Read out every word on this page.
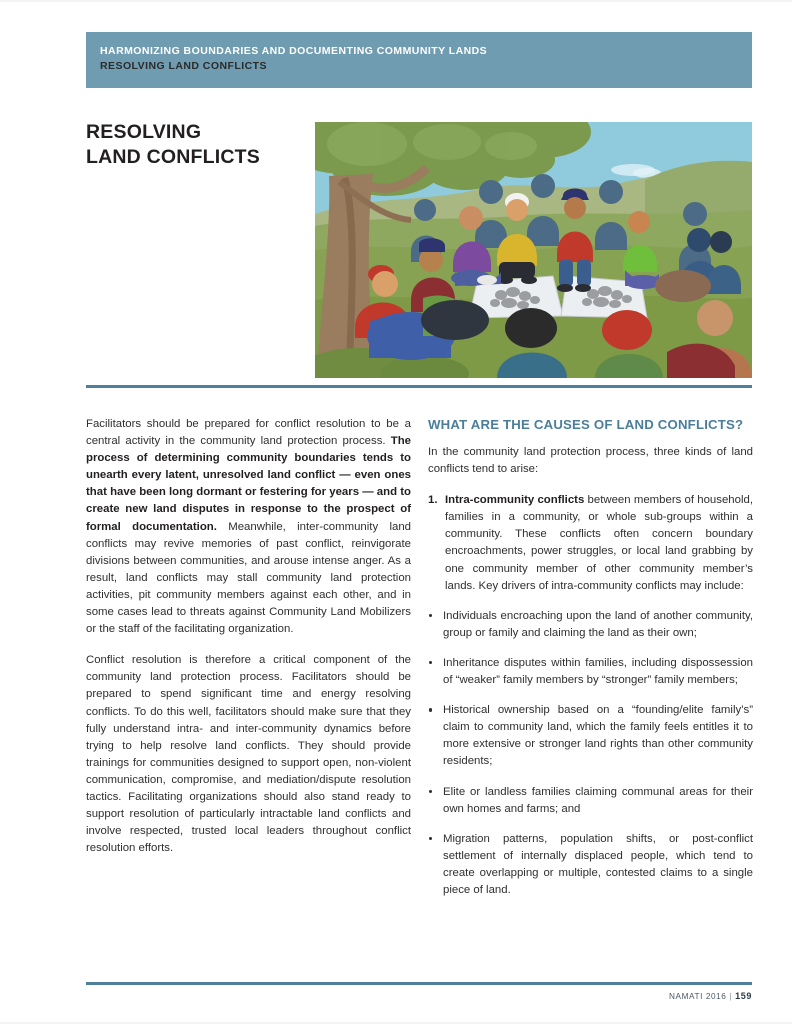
HARMONIZING BOUNDARIES AND DOCUMENTING COMMUNITY LANDS
RESOLVING LAND CONFLICTS
RESOLVING
LAND CONFLICTS

Facilitators should be prepared for conflict resolution to be a central activity in the community land protection process. The process of determining community boundaries tends to unearth every latent, unresolved land conflict — even ones that have been long dormant or festering for years — and to create new land disputes in response to the prospect of formal documentation. Meanwhile, inter-community land conflicts may revive memories of past conflict, reinvigorate divisions between communities, and arouse intense anger. As a result, land conflicts may stall community land protection activities, pit community members against each other, and in some cases lead to threats against Community Land Mobilizers or the staff of the facilitating organization.

Conflict resolution is therefore a critical component of the community land protection process. Facilitators should be prepared to spend significant time and energy resolving conflicts. To do this well, facilitators should make sure that they fully understand intra- and inter-community dynamics before trying to help resolve land conflicts. They should provide trainings for communities designed to support open, non-violent communication, compromise, and mediation/dispute resolution tactics. Facilitating organizations should also stand ready to support resolution of particularly intractable land conflicts and involve respected, trusted local leaders throughout conflict resolution efforts.

WHAT ARE THE CAUSES OF LAND CONFLICTS?

In the community land protection process, three kinds of land conflicts tend to arise:

1. Intra-community conflicts between members of household, families in a community, or whole sub-groups within a community. These conflicts often concern boundary encroachments, power struggles, or local land grabbing by one community member of other community member’s lands. Key drivers of intra-community conflicts may include:
Individuals encroaching upon the land of another community, group or family and claiming the land as their own;
Inheritance disputes within families, including dispossession of “weaker” family members by “stronger” family members;
Historical ownership based on a “founding/elite family’s” claim to community land, which the family feels entitles it to more extensive or stronger land rights than other community residents;
Elite or landless families claiming communal areas for their own homes and farms; and
Migration patterns, population shifts, or post-conflict settlement of internally displaced people, which tend to create overlapping or multiple, contested claims to a single piece of land.
NAMATI 2016 | 159
